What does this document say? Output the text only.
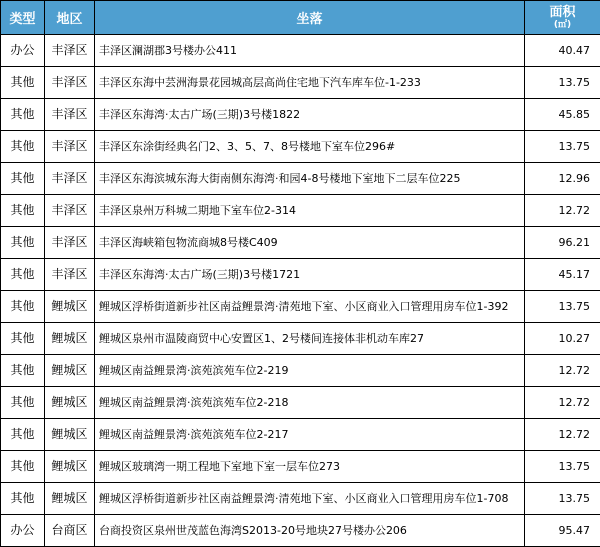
类型	地区	坐落	面积
(㎡)

办公	丰泽区	丰泽区澜湖郡3号楼办公411	40.47
其他	丰泽区	丰泽区东海中芸洲海景花园城高层高尚住宅地下汽车库车位-1-233	13.75
其他	丰泽区	丰泽区东海湾·太古广场(三期)3号楼1822	45.85
其他	丰泽区	丰泽区东涂街经典名门2、3、5、7、8号楼地下室车位296#	13.75
其他	丰泽区	丰泽区东海滨城东海大街南侧东海湾·和园4-8号楼地下室地下二层车位225	12.96
其他	丰泽区	丰泽区泉州万科城二期地下室车位2-314	12.72
其他	丰泽区	丰泽区海峡箱包物流商城8号楼C409	96.21
其他	丰泽区	丰泽区东海湾·太古广场(三期)3号楼1721	45.17
其他	鲤城区	鲤城区浮桥街道新步社区南益鲤景湾·清苑地下室、小区商业入口管理用房车位1-392	13.75
其他	鲤城区	鲤城区泉州市温陵商贸中心安置区1、2号楼间连接体非机动车库27	10.27
其他	鲤城区	鲤城区南益鲤景湾·滨苑滨苑车位2-219	12.72
其他	鲤城区	鲤城区南益鲤景湾·滨苑滨苑车位2-218	12.72
其他	鲤城区	鲤城区南益鲤景湾·滨苑滨苑车位2-217	12.72
其他	鲤城区	鲤城区玻璃湾一期工程地下室地下室一层车位273	13.75
其他	鲤城区	鲤城区浮桥街道新步社区南益鲤景湾·清苑地下室、小区商业入口管理用房车位1-708	13.75
办公	台商区	台商投资区泉州世茂蓝色海湾S2013-20号地块27号楼办公206	95.47
